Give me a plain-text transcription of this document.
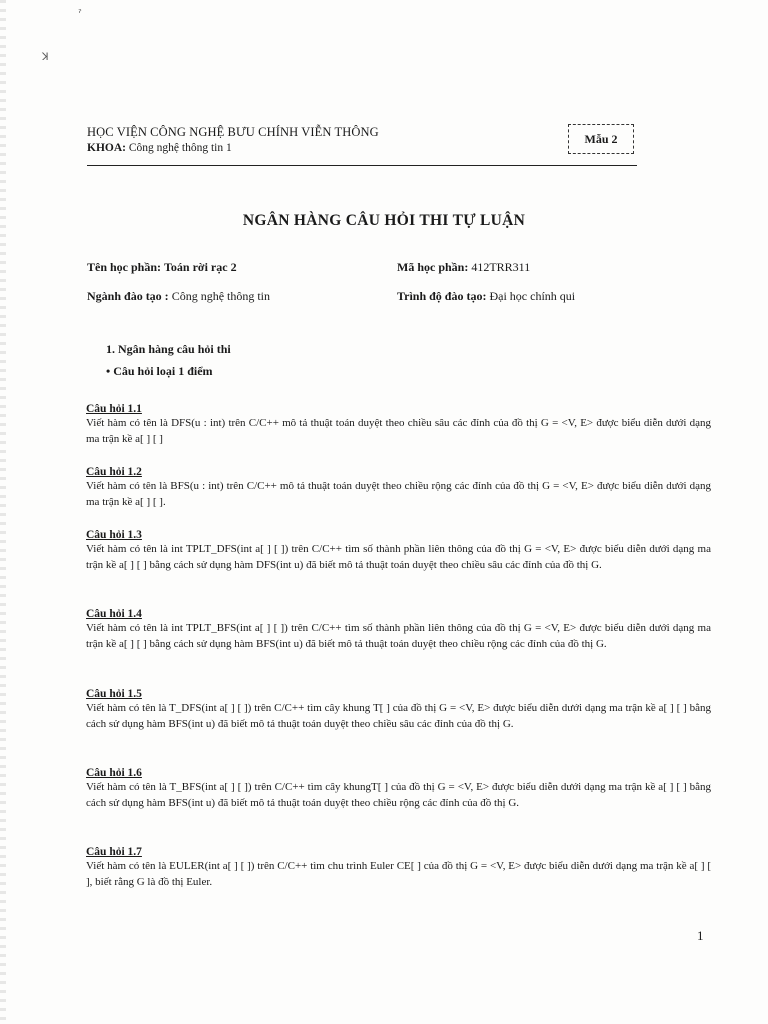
ˀ
ꓘ
HỌC VIỆN CÔNG NGHỆ BƯU CHÍNH VIỄN THÔNG
KHOA: Công nghệ thông tin 1
Mẫu 2
NGÂN HÀNG CÂU HỎI THI TỰ LUẬN
Tên học phần: Toán rời rạc 2	Mã học phần: 412TRR311
Ngành đào tạo : Công nghệ thông tin	Trình độ đào tạo: Đại học chính qui
1. Ngân hàng câu hỏi thi
• Câu hỏi loại 1 điểm
Câu hỏi 1.1
Viết hàm có tên là DFS(u : int) trên C/C++ mô tả thuật toán duyệt theo chiều sâu các đỉnh của đồ thị G = <V, E> được biểu diễn dưới dạng ma trận kề a[ ] [ ]
Câu hỏi 1.2
Viết hàm có tên là BFS(u : int) trên C/C++ mô tả thuật toán duyệt theo chiều rộng các đỉnh của đồ thị G = <V, E> được biểu diễn dưới dạng ma trận kề a[ ] [ ].
Câu hỏi 1.3
Viết hàm có tên là int TPLT_DFS(int a[ ] [ ]) trên C/C++ tìm số thành phần liên thông của đồ thị G = <V, E> được biểu diễn dưới dạng ma trận kề a[ ] [ ] bằng cách sử dụng hàm DFS(int u) đã biết mô tả thuật toán duyệt theo chiều sâu các đỉnh của đồ thị G.
Câu hỏi 1.4
Viết hàm có tên là int TPLT_BFS(int a[ ] [ ]) trên C/C++ tìm số thành phần liên thông của đồ thị G = <V, E> được biểu diễn dưới dạng ma trận kề a[ ] [ ] bằng cách sử dụng hàm BFS(int u) đã biết mô tả thuật toán duyệt theo chiều rộng các đỉnh của đồ thị G.
Câu hỏi 1.5
Viết hàm có tên là T_DFS(int a[ ] [ ]) trên C/C++ tìm cây khung T[ ] của đồ thị G = <V, E> được biểu diễn dưới dạng ma trận kề a[ ] [ ] bằng cách sử dụng hàm BFS(int u) đã biết mô tả thuật toán duyệt theo chiều sâu các đỉnh của đồ thị G.
Câu hỏi 1.6
Viết hàm có tên là T_BFS(int a[ ] [ ]) trên C/C++ tìm cây khungT[ ] của đồ thị G = <V, E> được biểu diễn dưới dạng ma trận kề a[ ] [ ] bằng cách sử dụng hàm BFS(int u) đã biết mô tả thuật toán duyệt theo chiều rộng các đỉnh của đồ thị G.
Câu hỏi 1.7
Viết hàm có tên là EULER(int a[ ] [ ]) trên C/C++ tìm chu trình Euler CE[ ] của đồ thị G = <V, E> được biểu diễn dưới dạng ma trận kề a[ ] [ ], biết rằng G là đồ thị Euler.
1
